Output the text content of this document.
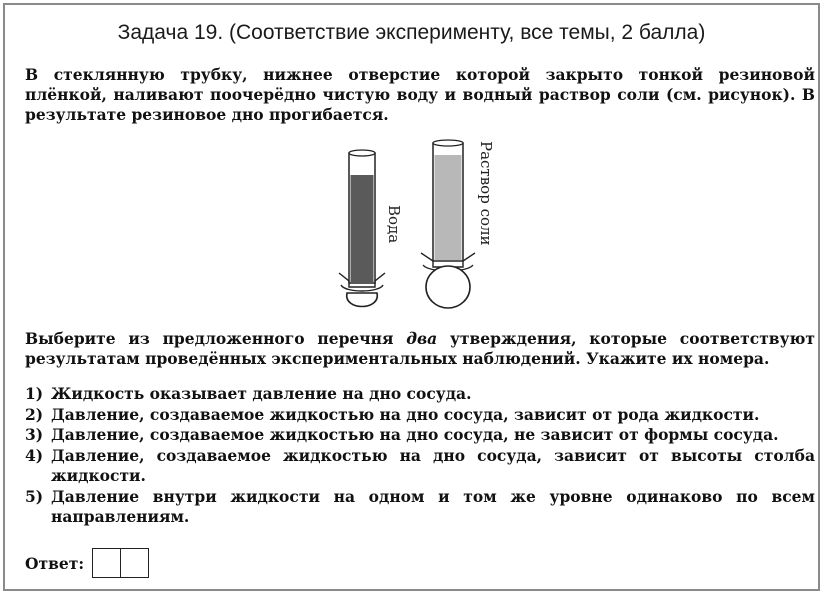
Задача 19. (Соответствие эксперименту, все темы, 2 балла)
В стеклянную трубку, нижнее отверстие которой закрыто тонкой резиновой плёнкой, наливают поочерёдно чистую воду и водный раствор соли (см. рисунок). В результате резиновое дно прогибается.
Вода	Раствор соли
Выберите из предложенного перечня два утверждения, которые соответствуют результатам проведённых экспериментальных наблюдений. Укажите их номера.
1) Жидкость оказывает давление на дно сосуда.
2) Давление, создаваемое жидкостью на дно сосуда, зависит от рода жидкости.
3) Давление, создаваемое жидкостью на дно сосуда, не зависит от формы сосуда.
4) Давление, создаваемое жидкостью на дно сосуда, зависит от высоты столба жидкости.
5) Давление внутри жидкости на одном и том же уровне одинаково по всем направлениям.
Ответ:
